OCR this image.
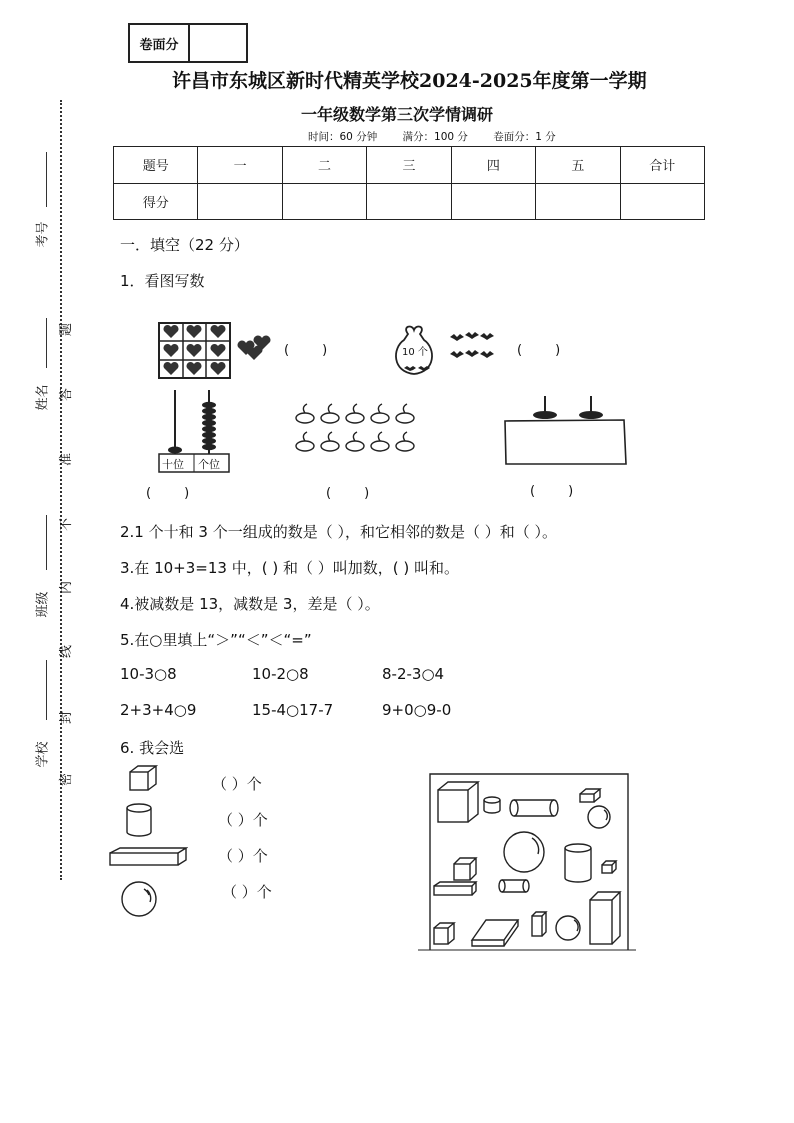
卷面分
许昌市东城区新时代精英学校2024-2025年度第一学期
一年级数学第三次学情调研
时间：60 分钟 满分：100 分 卷面分：1 分
题号	一	二	三	四	五	合计
得分						
考号
姓名
班级
学校
题
答
准
不
内
线
封
密
一．填空（22 分）
1．看图写数
(        )	10 个	(        )
十位 个位
(        )	(        )	(        )
2.1 个十和 3 个一组成的数是（ ），和它相邻的数是（ ）和（ ）。
3.在 10+3=13 中，( ) 和（ ）叫加数，( ) 叫和。
4.被减数是 13，减数是 3，差是（ ）。
5.在○里填上“＞”“＜”＜“=”
10-3○8	10-2○8	8-2-3○4
2+3+4○9	15-4○17-7	9+0○9-0
6. 我会选
（ ）个
（ ）个
（ ）个
（ ）个
